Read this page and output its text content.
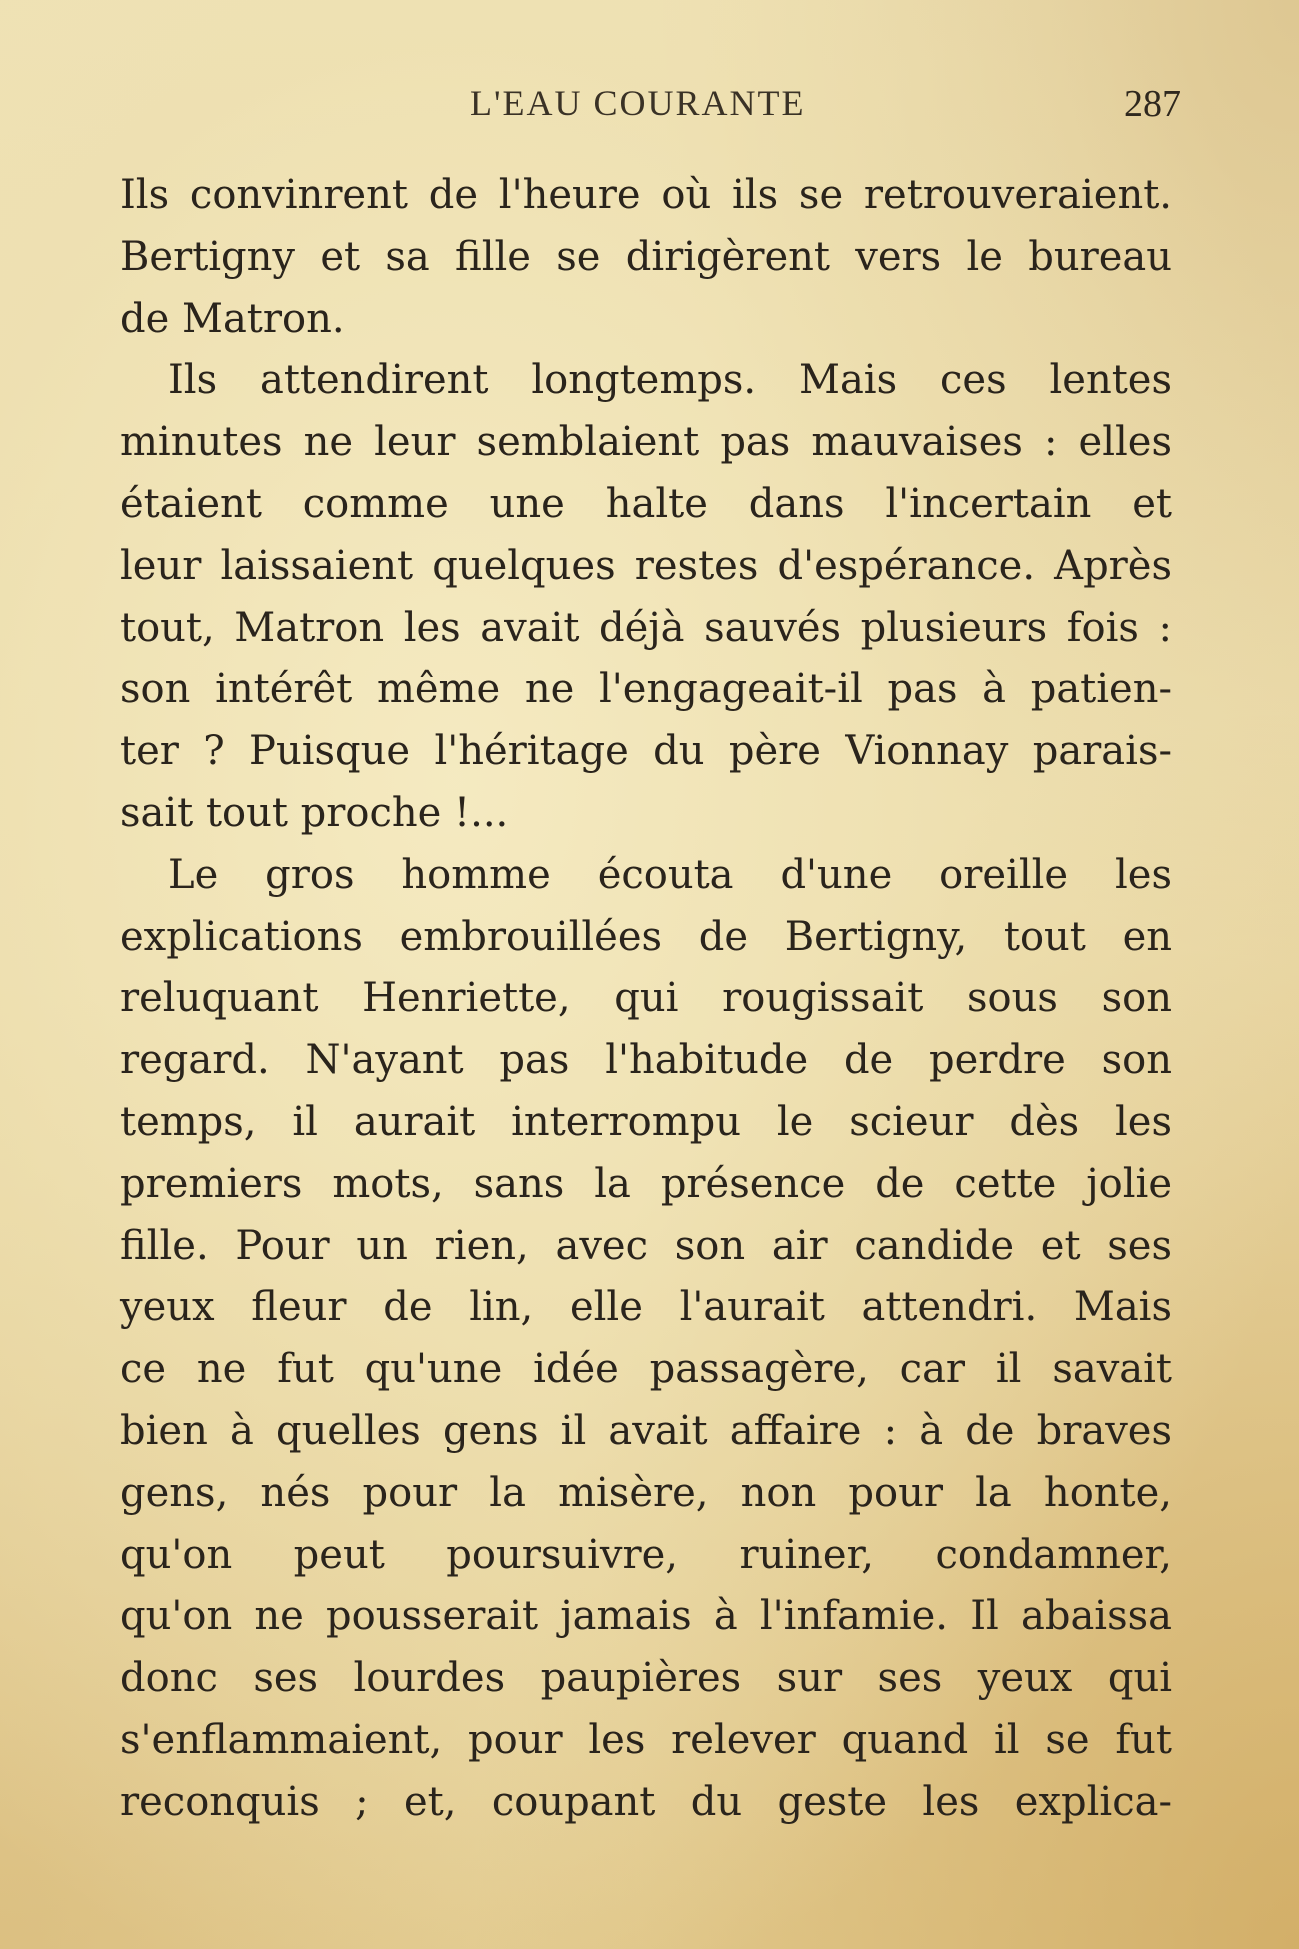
L'EAU COURANTE	287
Ils convinrent de l'heure où ils se retrouveraient.
Bertigny et sa fille se dirigèrent vers le bureau
de Matron.
Ils attendirent longtemps. Mais ces lentes
minutes ne leur semblaient pas mauvaises : elles
étaient comme une halte dans l'incertain et
leur laissaient quelques restes d'espérance. Après
tout, Matron les avait déjà sauvés plusieurs fois :
son intérêt même ne l'engageait-il pas à patien-
ter ? Puisque l'héritage du père Vionnay parais-
sait tout proche !...
Le gros homme écouta d'une oreille les
explications embrouillées de Bertigny, tout en
reluquant Henriette, qui rougissait sous son
regard. N'ayant pas l'habitude de perdre son
temps, il aurait interrompu le scieur dès les
premiers mots, sans la présence de cette jolie
fille. Pour un rien, avec son air candide et ses
yeux fleur de lin, elle l'aurait attendri. Mais
ce ne fut qu'une idée passagère, car il savait
bien à quelles gens il avait affaire : à de braves
gens, nés pour la misère, non pour la honte,
qu'on peut poursuivre, ruiner, condamner,
qu'on ne pousserait jamais à l'infamie. Il abaissa
donc ses lourdes paupières sur ses yeux qui
s'enflammaient, pour les relever quand il se fut
reconquis ; et, coupant du geste les explica-
